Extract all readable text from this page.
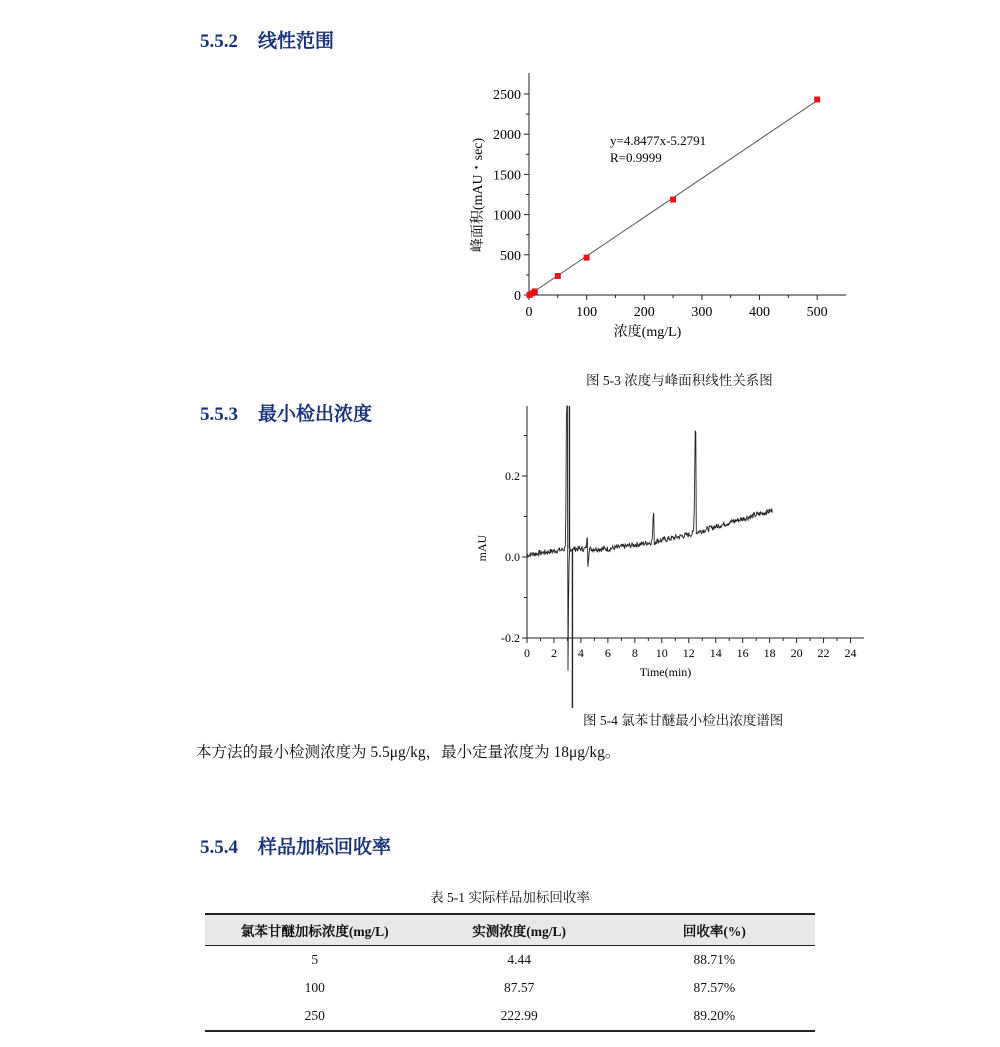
5.5.2 线性范围
5.5.3 最小检出浓度
5.5.4 样品加标回收率
0
500
1000
1500
2000
2500
0	100	200	300	400	500
y=4.8477x-5.2791
R=0.9999
浓度(mg/L)
峰面积(mAU・sec)
图 5-3 浓度与峰面积线性关系图
-0.2
0.0
0.2
0 2 4 6 8 10 12 14 16 18 20 22 24
Time(min)
mAU
图 5-4 氯苯甘醚最小检出浓度谱图
本方法的最小检测浓度为 5.5μg/kg，最小定量浓度为 18μg/kg。
表 5-1 实际样品加标回收率
氯苯甘醚加标浓度(mg/L)	实测浓度(mg/L)	回收率(%)
5	4.44	88.71%
100	87.57	87.57%
250	222.99	89.20%
